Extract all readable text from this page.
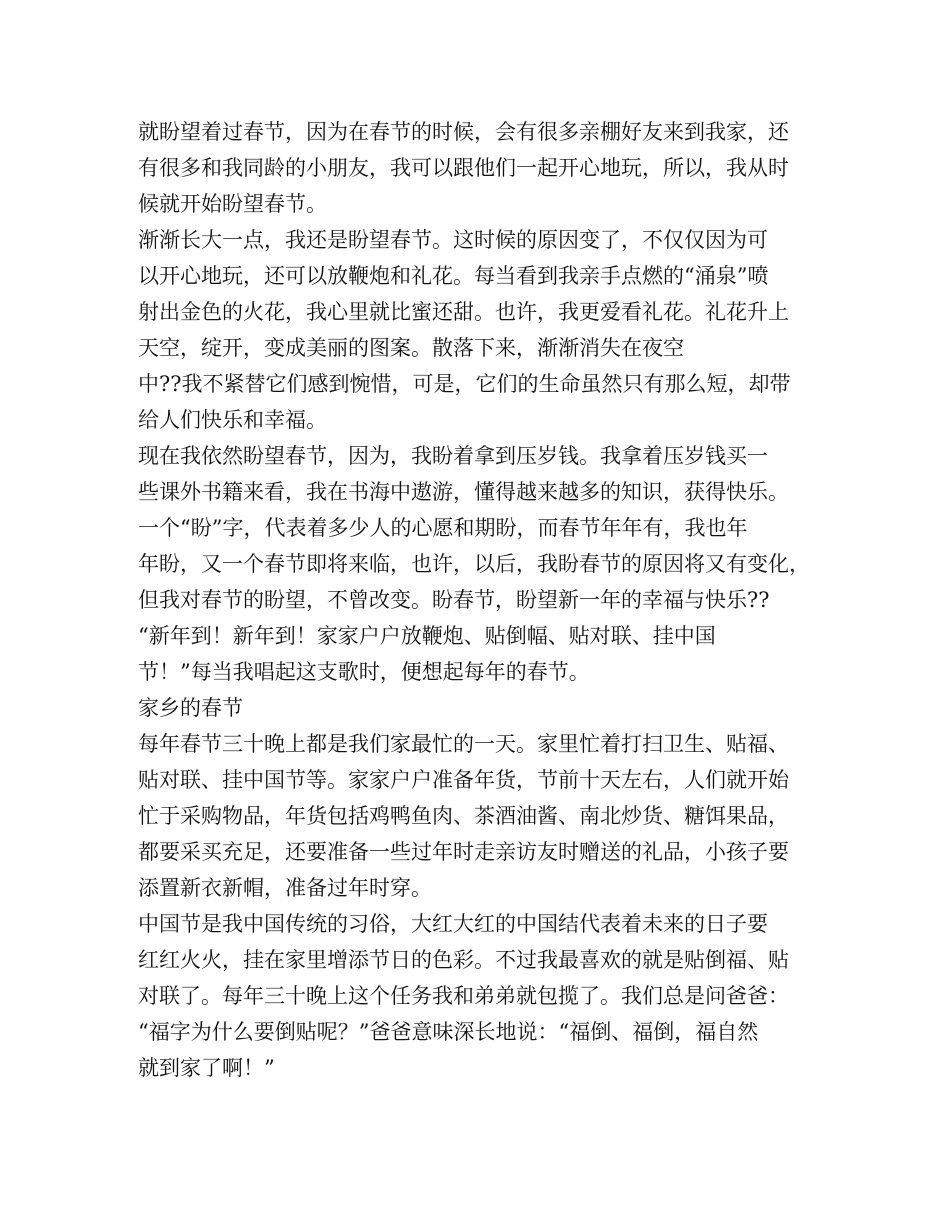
就盼望着过春节，因为在春节的时候，会有很多亲棚好友来到我家，还
有很多和我同龄的小朋友，我可以跟他们一起开心地玩，所以，我从时
候就开始盼望春节。
渐渐长大一点，我还是盼望春节。这时候的原因变了，不仅仅因为可
以开心地玩，还可以放鞭炮和礼花。每当看到我亲手点燃的“涌泉”喷
射出金色的火花，我心里就比蜜还甜。也许，我更爱看礼花。礼花升上
天空，绽开，变成美丽的图案。散落下来，渐渐消失在夜空
中??我不紧替它们感到惋惜，可是，它们的生命虽然只有那么短，却带
给人们快乐和幸福。
现在我依然盼望春节，因为，我盼着拿到压岁钱。我拿着压岁钱买一
些课外书籍来看，我在书海中遨游，懂得越来越多的知识，获得快乐。
一个“盼”字，代表着多少人的心愿和期盼，而春节年年有，我也年
年盼，又一个春节即将来临，也许，以后，我盼春节的原因将又有变化，
但我对春节的盼望，不曾改变。盼春节，盼望新一年的幸福与快乐??
“新年到！新年到！家家户户放鞭炮、贴倒幅、贴对联、挂中国
节！”每当我唱起这支歌时，便想起每年的春节。
家乡的春节
每年春节三十晚上都是我们家最忙的一天。家里忙着打扫卫生、贴福、
贴对联、挂中国节等。家家户户准备年货，节前十天左右，人们就开始
忙于采购物品，年货包括鸡鸭鱼肉、茶酒油酱、南北炒货、糖饵果品，
都要采买充足，还要准备一些过年时走亲访友时赠送的礼品，小孩子要
添置新衣新帽，准备过年时穿。
中国节是我中国传统的习俗，大红大红的中国结代表着未来的日子要
红红火火，挂在家里增添节日的色彩。不过我最喜欢的就是贴倒福、贴
对联了。每年三十晚上这个任务我和弟弟就包揽了。我们总是问爸爸：
“福字为什么要倒贴呢？”爸爸意味深长地说：“福倒、福倒，福自然
就到家了啊！”
